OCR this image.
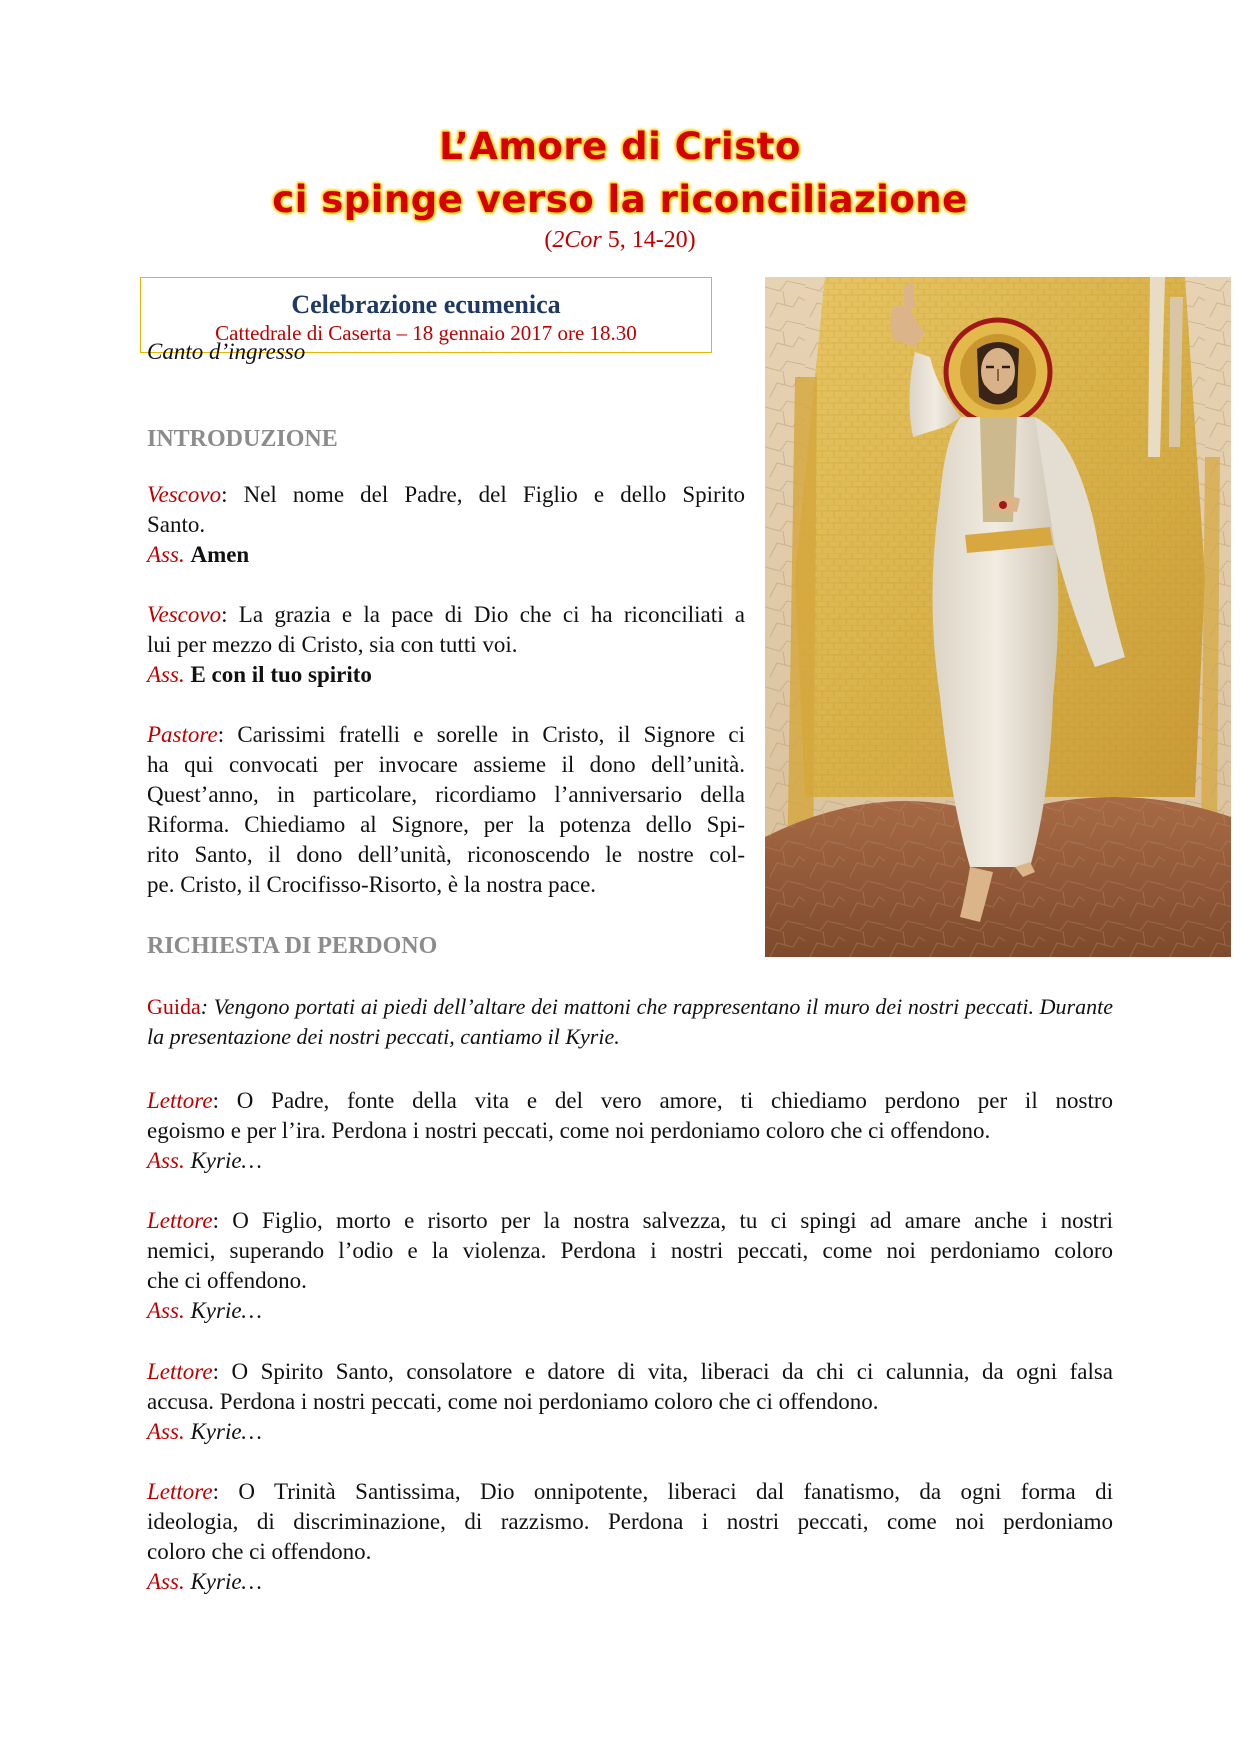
L’Amore di Cristo
ci spinge verso la riconciliazione
(2Cor 5, 14-20)
Celebrazione ecumenica
Cattedrale di Caserta – 18 gennaio 2017 ore 18.30
Canto d’ingresso
INTRODUZIONE
Vescovo: Nel nome del Padre, del Figlio e dello Spirito
Santo.
Ass. Amen
Vescovo: La grazia e la pace di Dio che ci ha riconciliati a
lui per mezzo di Cristo, sia con tutti voi.
Ass. E con il tuo spirito
Pastore: Carissimi fratelli e sorelle in Cristo, il Signore ci
ha qui convocati per invocare assieme il dono dell’unità.
Quest’anno, in particolare, ricordiamo l’anniversario della
Riforma. Chiediamo al Signore, per la potenza dello Spi-
rito Santo, il dono dell’unità, riconoscendo le nostre col-
pe. Cristo, il Crocifisso-Risorto, è la nostra pace.
RICHIESTA DI PERDONO
Guida: Vengono portati ai piedi dell’altare dei mattoni che rappresentano il muro dei nostri peccati. Durante
la presentazione dei nostri peccati, cantiamo il Kyrie.
Lettore: O Padre, fonte della vita e del vero amore, ti chiediamo perdono per il nostro
egoismo e per l’ira. Perdona i nostri peccati, come noi perdoniamo coloro che ci offendono.
Ass. Kyrie…
Lettore: O Figlio, morto e risorto per la nostra salvezza, tu ci spingi ad amare anche i nostri
nemici, superando l’odio e la violenza. Perdona i nostri peccati, come noi perdoniamo coloro
che ci offendono.
Ass. Kyrie…
Lettore: O Spirito Santo, consolatore e datore di vita, liberaci da chi ci calunnia, da ogni falsa
accusa. Perdona i nostri peccati, come noi perdoniamo coloro che ci offendono.
Ass. Kyrie…
Lettore: O Trinità Santissima, Dio onnipotente, liberaci dal fanatismo, da ogni forma di
ideologia, di discriminazione, di razzismo. Perdona i nostri peccati, come noi perdoniamo
coloro che ci offendono.
Ass. Kyrie…
